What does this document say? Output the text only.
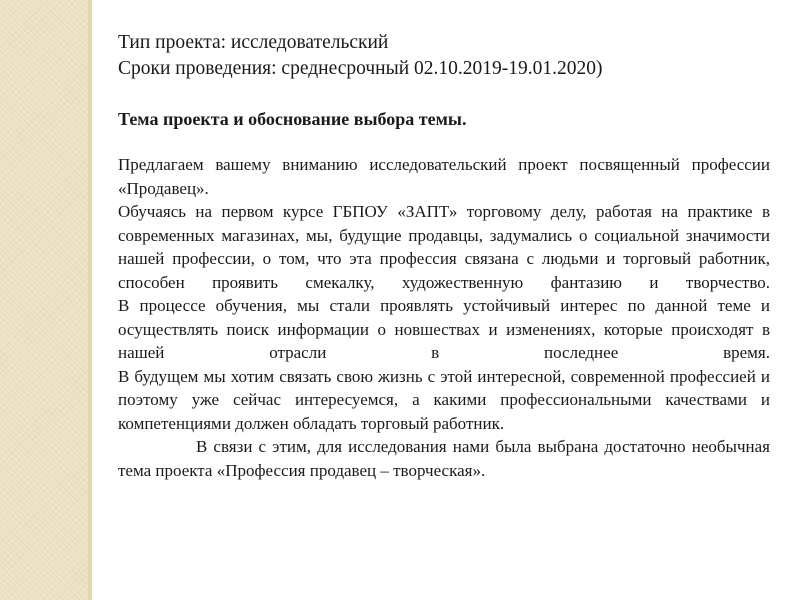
Тип проекта: исследовательский
Сроки проведения: среднесрочный 02.10.2019-19.01.2020)
Тема проекта и обоснование выбора темы.

Предлагаем вашему вниманию исследовательский проект посвященный профессии «Продавец».

Обучаясь на первом курсе ГБПОУ «ЗАПТ» торговому делу, работая на практике в современных магазинах, мы, будущие продавцы, задумались о социальной значимости нашей профессии, о том, что эта профессия связана с людьми и торговый работник, способен проявить смекалку, художественную фантазию и творчество.

В процессе обучения, мы стали проявлять устойчивый интерес по данной теме и осуществлять поиск информации о новшествах и изменениях, которые происходят в нашей отрасли в последнее время.

В будущем мы хотим связать свою жизнь с этой интересной, современной профессией и поэтому уже сейчас интересуемся, а какими профессиональными качествами и компетенциями должен обладать торговый работник.

В связи с этим, для исследования нами была выбрана достаточно необычная тема проекта «Профессия продавец – творческая».
